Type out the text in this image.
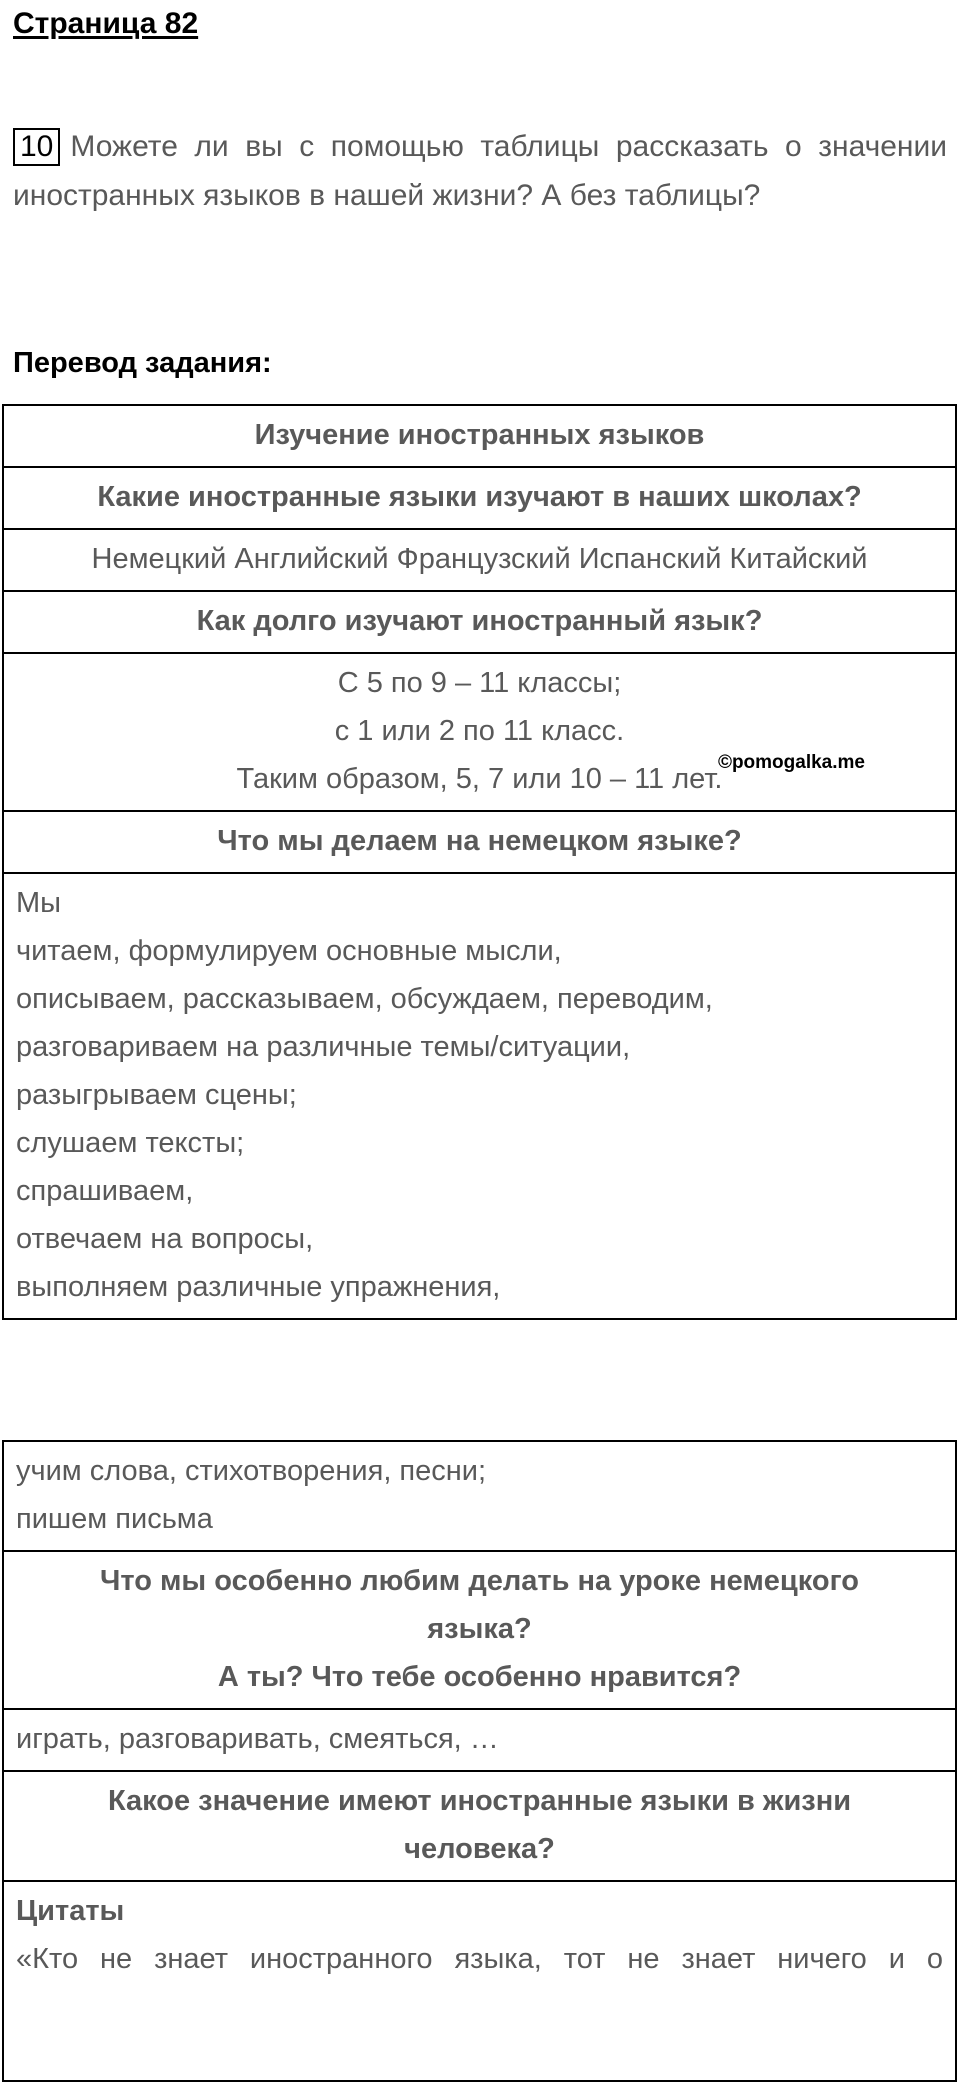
Страница 82
10 Можете ли вы с помощью таблицы рассказать о значении иностранных языков в нашей жизни? А без таблицы?
Перевод задания:
Изучение иностранных языков
Какие иностранные языки изучают в наших школах?
Немецкий Английский Французский Испанский Китайский
Как долго изучают иностранный язык?
С 5 по 9 – 11 классы;
с 1 или 2 по 11 класс.
Таким образом, 5, 7 или 10 – 11 лет.
Что мы делаем на немецком языке?
Мы
читаем, формулируем основные мысли,
описываем, рассказываем, обсуждаем, переводим,
разговариваем на различные темы/ситуации,
разыгрываем сцены;
слушаем тексты;
спрашиваем,
отвечаем на вопросы,
выполняем различные упражнения,
©pomogalka.me
учим слова, стихотворения, песни;
пишем письма
Что мы особенно любим делать на уроке немецкого
языка?
А ты? Что тебе особенно нравится?
играть, разговаривать, смеяться, …
Какое значение имеют иностранные языки в жизни
человека?
Цитаты
«Кто не знает иностранного языка, тот не знает ничего и о
